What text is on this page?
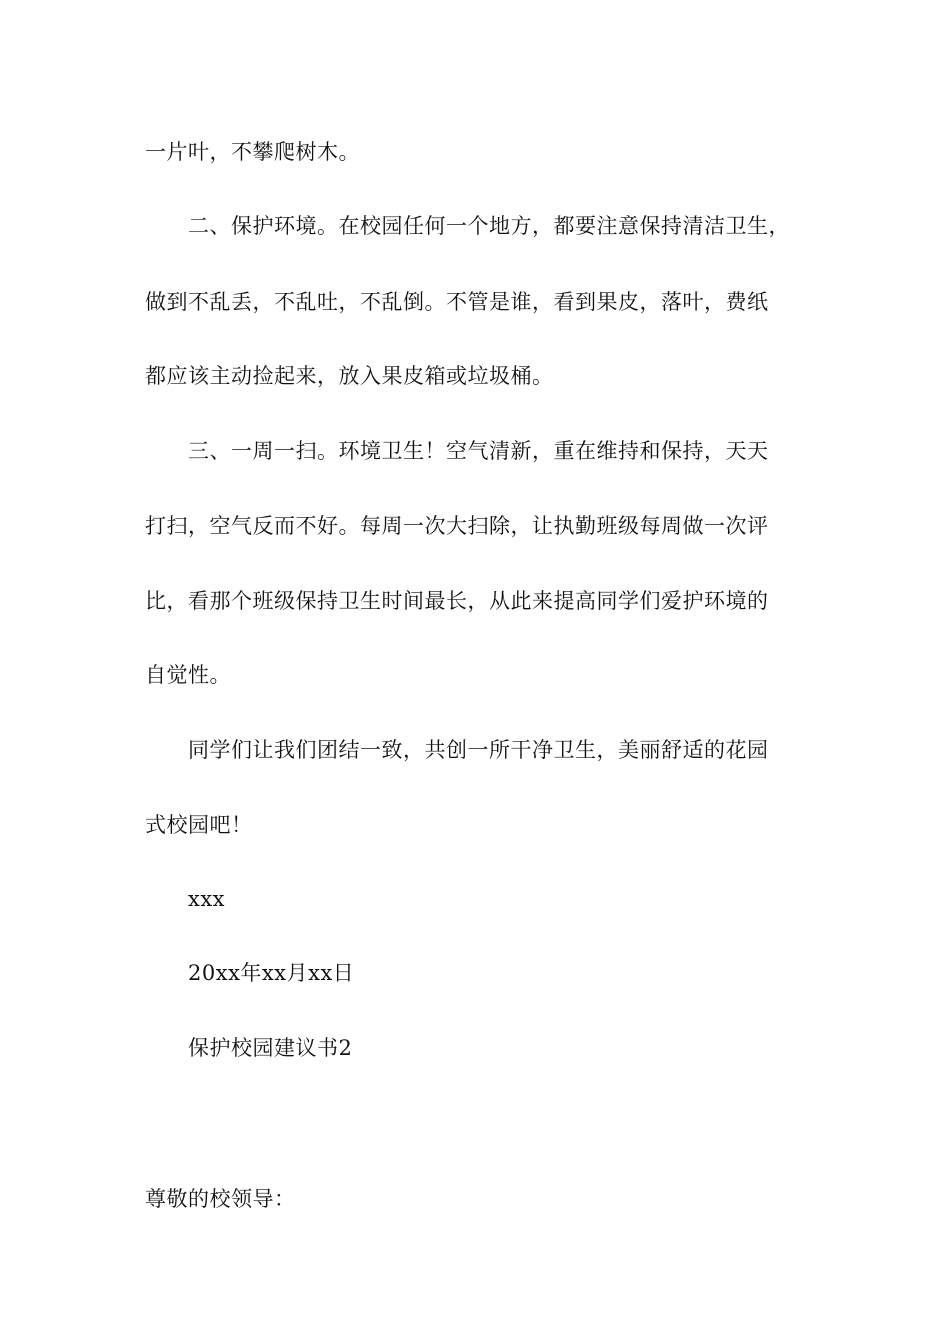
一片叶，不攀爬树木。
二、保护环境。在校园任何一个地方，都要注意保持清洁卫生，
做到不乱丢，不乱吐，不乱倒。不管是谁，看到果皮，落叶，费纸
都应该主动捡起来，放入果皮箱或垃圾桶。
三、一周一扫。环境卫生！空气清新，重在维持和保持，天天
打扫，空气反而不好。每周一次大扫除，让执勤班级每周做一次评
比，看那个班级保持卫生时间最长，从此来提高同学们爱护环境的
自觉性。
同学们让我们团结一致，共创一所干净卫生，美丽舒适的花园
式校园吧！
xxx
20xx年xx月xx日
保护校园建议书2
尊敬的校领导：
